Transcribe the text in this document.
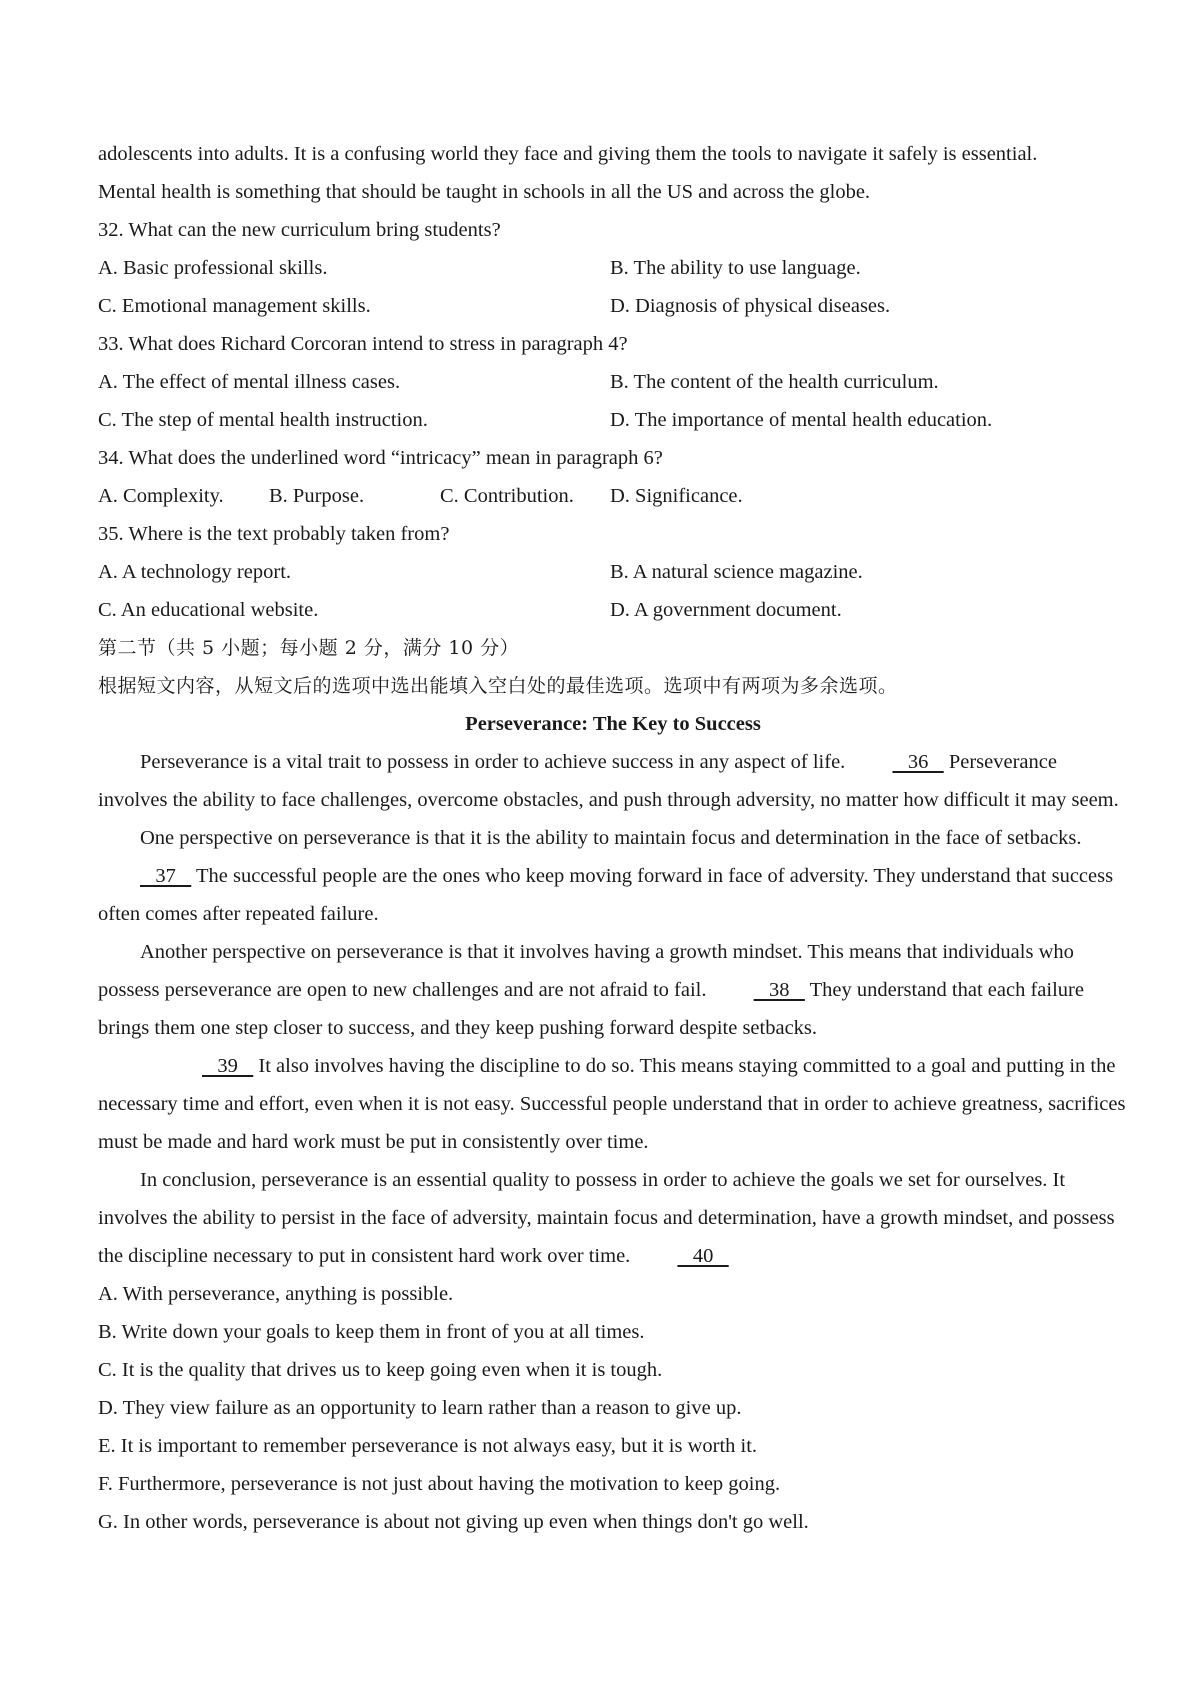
adolescents into adults. It is a confusing world they face and giving them the tools to navigate it safely is essential.
Mental health is something that should be taught in schools in all the US and across the globe.
32. What can the new curriculum bring students?
A. Basic professional skills.	B. The ability to use language.
C. Emotional management skills.	D. Diagnosis of physical diseases.
33. What does Richard Corcoran intend to stress in paragraph 4?
A. The effect of mental illness cases.	B. The content of the health curriculum.
C. The step of mental health instruction.	D. The importance of mental health education.
34. What does the underlined word “intricacy” mean in paragraph 6?
A. Complexity.	B. Purpose.	C. Contribution.	D. Significance.
35. Where is the text probably taken from?
A. A technology report.	B. A natural science magazine.
C. An educational website.	D. A government document.
第二节（共 5 小题；每小题 2 分，满分 10 分）
根据短文内容，从短文后的选项中选出能填入空白处的最佳选项。选项中有两项为多余选项。
Perseverance: The Key to Success

Perseverance is a vital trait to possess in order to achieve success in any aspect of life.    36    Perseverance involves the ability to face challenges, overcome obstacles, and push through adversity, no matter how difficult it may seem.

One perspective on perseverance is that it is the ability to maintain focus and determination in the face of setbacks.    37    The successful people are the ones who keep moving forward in face of adversity. They understand that success often comes after repeated failure.

Another perspective on perseverance is that it involves having a growth mindset. This means that individuals who possess perseverance are open to new challenges and are not afraid to fail.    38    They understand that each failure brings them one step closer to success, and they keep pushing forward despite setbacks.

39    It also involves having the discipline to do so. This means staying committed to a goal and putting in the necessary time and effort, even when it is not easy. Successful people understand that in order to achieve greatness, sacrifices must be made and hard work must be put in consistently over time.

In conclusion, perseverance is an essential quality to possess in order to achieve the goals we set for ourselves. It involves the ability to persist in the face of adversity, maintain focus and determination, have a growth mindset, and possess the discipline necessary to put in consistent hard work over time.    40

A. With perseverance, anything is possible.
B. Write down your goals to keep them in front of you at all times.
C. It is the quality that drives us to keep going even when it is tough.
D. They view failure as an opportunity to learn rather than a reason to give up.
E. It is important to remember perseverance is not always easy, but it is worth it.
F. Furthermore, perseverance is not just about having the motivation to keep going.
G. In other words, perseverance is about not giving up even when things don't go well.
